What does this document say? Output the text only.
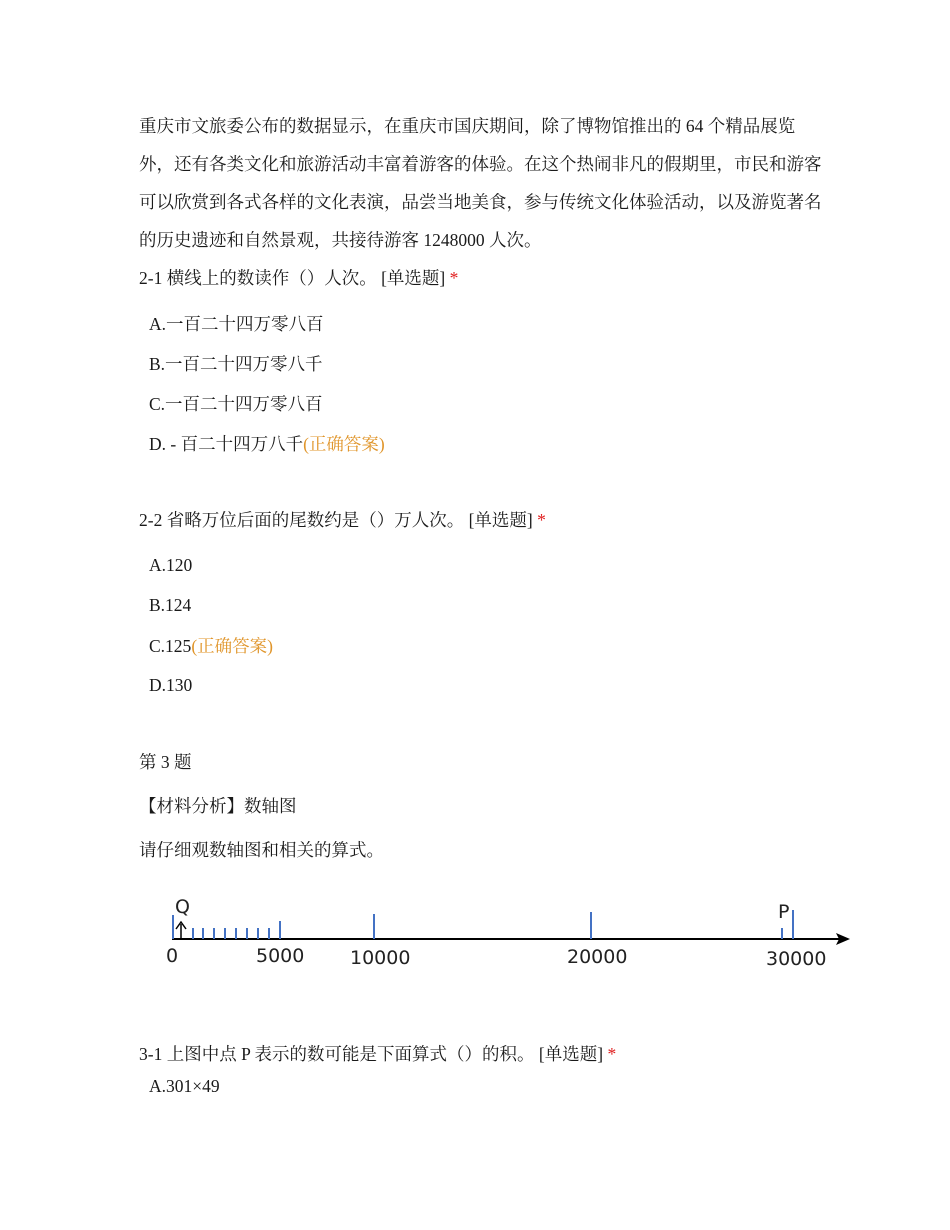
重庆市文旅委公布的数据显示，在重庆市国庆期间，除了博物馆推出的 64 个精品展览外，还有各类文化和旅游活动丰富着游客的体验。在这个热闹非凡的假期里，市民和游客可以欣赏到各式各样的文化表演，品尝当地美食，参与传统文化体验活动，以及游览著名的历史遗迹和自然景观，共接待游客 1248000 人次。

2-1 横线上的数读作（）人次。 [单选题] *
A.一百二十四万零八百
B.一百二十四万零八千
C.一百二十四万零八百
D. - 百二十四万八千(正确答案)
2-2 省略万位后面的尾数约是（）万人次。 [单选题] *
A.120
B.124
C.125(正确答案)
D.130
第 3 题
【材料分析】数轴图
请仔细观数轴图和相关的算式。
Q	P
0	5000 10000	20000	30000
3-1 上图中点 P 表示的数可能是下面算式（）的积。 [单选题] *
A.301×49
